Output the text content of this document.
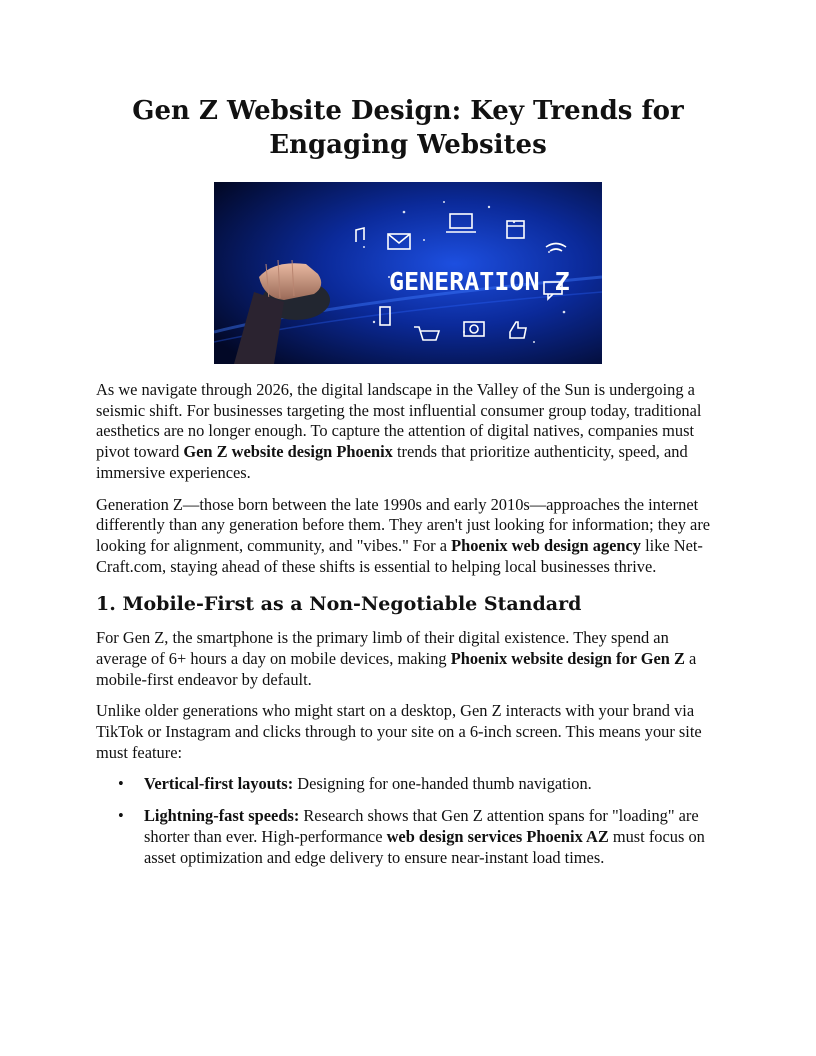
Gen Z Website Design: Key Trends for Engaging Websites
GENERATION Z

As we navigate through 2026, the digital landscape in the Valley of the Sun is undergoing a seismic shift. For businesses targeting the most influential consumer group today, traditional aesthetics are no longer enough. To capture the attention of digital natives, companies must pivot toward Gen Z website design Phoenix trends that prioritize authenticity, speed, and immersive experiences.

Generation Z—those born between the late 1990s and early 2010s—approaches the internet differently than any generation before them. They aren't just looking for information; they are looking for alignment, community, and "vibes." For a Phoenix web design agency like Net-Craft.com, staying ahead of these shifts is essential to helping local businesses thrive.

1. Mobile-First as a Non-Negotiable Standard

For Gen Z, the smartphone is the primary limb of their digital existence. They spend an average of 6+ hours a day on mobile devices, making Phoenix website design for Gen Z a mobile-first endeavor by default.

Unlike older generations who might start on a desktop, Gen Z interacts with your brand via TikTok or Instagram and clicks through to your site on a 6-inch screen. This means your site must feature:

• Vertical-first layouts: Designing for one-handed thumb navigation.
• Lightning-fast speeds: Research shows that Gen Z attention spans for "loading" are shorter than ever. High-performance web design services Phoenix AZ must focus on asset optimization and edge delivery to ensure near-instant load times.
